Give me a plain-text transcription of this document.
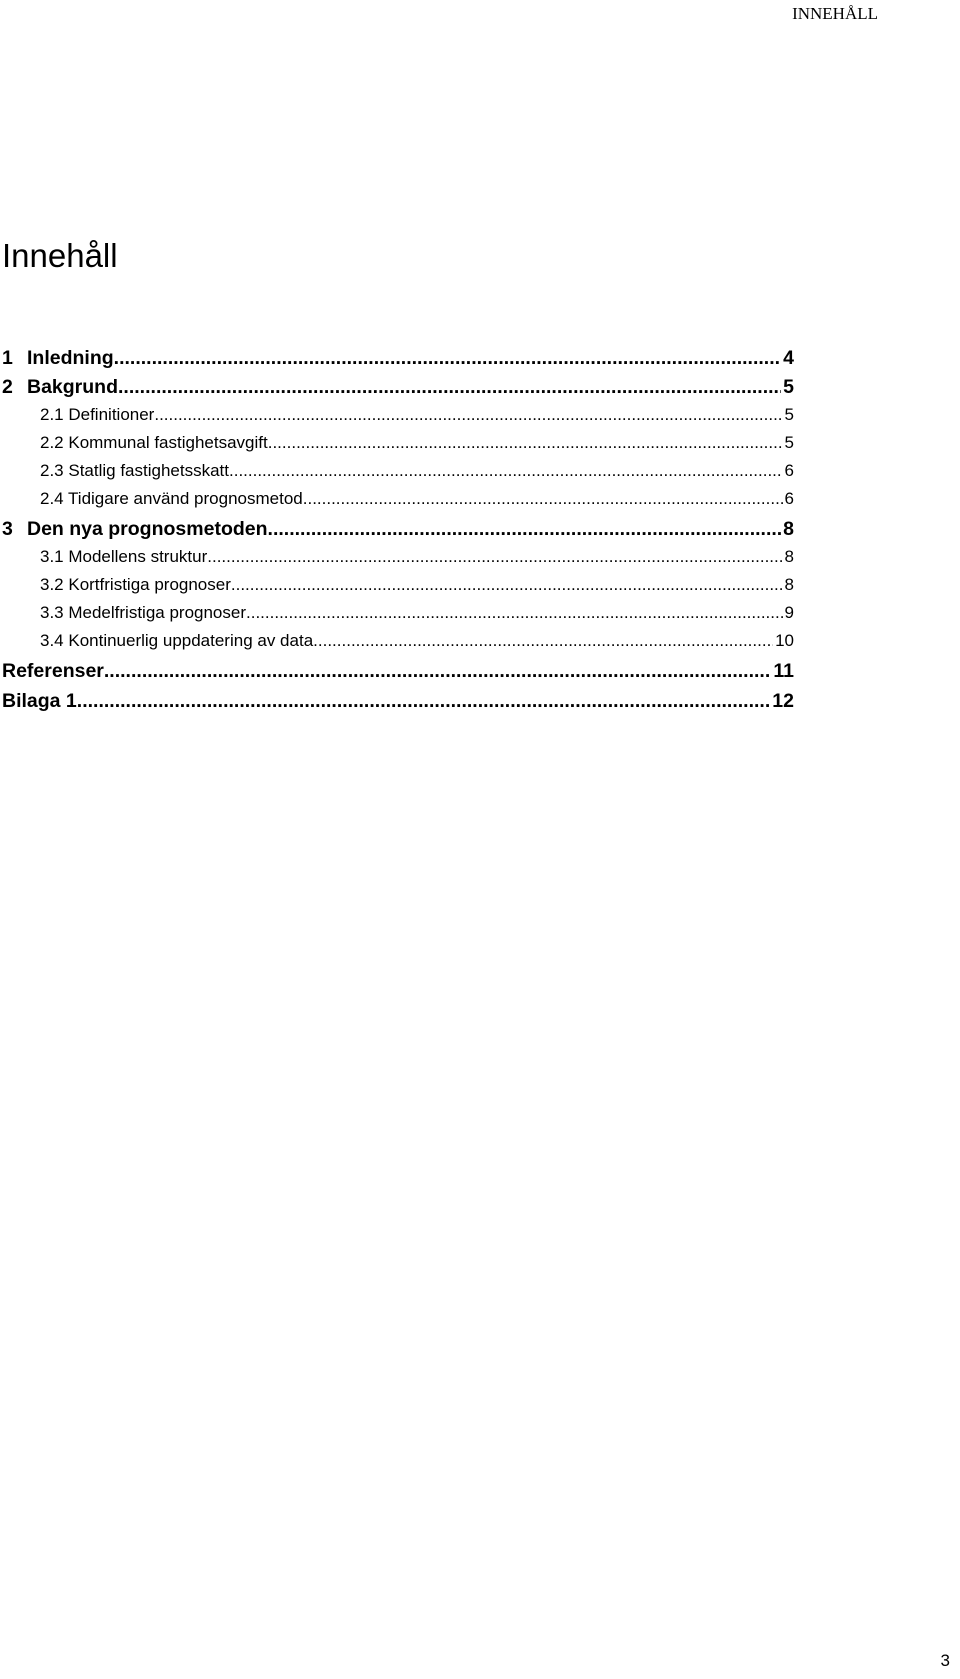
INNEHÅLL
Innehåll
1 Inledning .....	4
2 Bakgrund .....	5
2.1 Definitioner .....	5
2.2 Kommunal fastighetsavgift .....	5
2.3 Statlig fastighetsskatt .....	6
2.4 Tidigare använd prognosmetod .....	6
3 Den nya prognosmetoden .....	8
3.1 Modellens struktur .....	8
3.2 Kortfristiga prognoser .....	8
3.3 Medelfristiga prognoser .....	9
3.4 Kontinuerlig uppdatering av data .....	10
Referenser .....	11
Bilaga 1 .....	12
3
